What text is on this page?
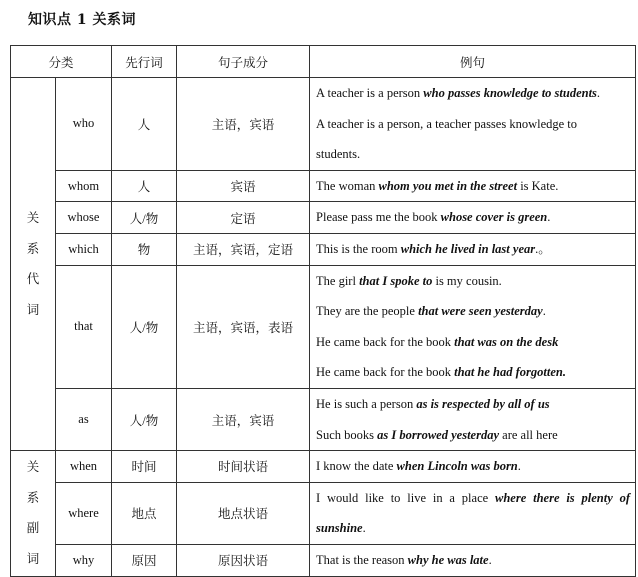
知识点 1 关系词
分类		先行词	句子成分	例句

关
系
代
词	who	人	主语，宾语	A teacher is a person who passes knowledge to students.
A teacher is a person, a teacher passes knowledge to
students.

	whom	人	宾语	The woman whom you met in the street is Kate.

	whose	人/物	定语	Please pass me the book whose cover is green.

	which	物	主语，宾语，定语	This is the room which he lived in last year.。

	that	人/物	主语，宾语，表语	The girl that I spoke to is my cousin.
They are the people that were seen yesterday.
He came back for the book that was on the desk
He came back for the book that he had forgotten.

	as	人/物	主语，宾语	He is such a person as is respected by all of us
Such books as I borrowed yesterday are all here

关
系
副
词	when	时间	时间状语	I know the date when Lincoln was born.

	where	地点	地点状语	I would like to live in a place where there is plenty of
sunshine.

	why	原因	原因状语	That is the reason why he was late.
